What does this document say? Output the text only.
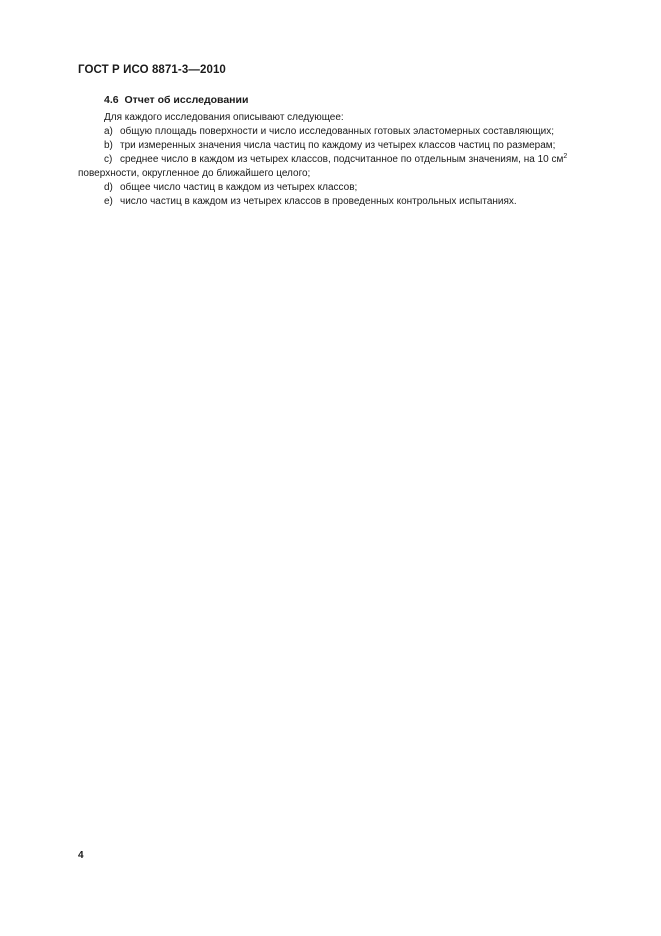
ГОСТ Р ИСО 8871-3—2010
4.6 Отчет об исследовании
Для каждого исследования описывают следующее:
a) общую площадь поверхности и число исследованных готовых эластомерных составляющих;
b) три измеренных значения числа частиц по каждому из четырех классов частиц по размерам;
c) среднее число в каждом из четырех классов, подсчитанное по отдельным значениям, на 10 $см^2$
поверхности, округленное до ближайшего целого;
d) общее число частиц в каждом из четырех классов;
e) число частиц в каждом из четырех классов в проведенных контрольных испытаниях.
4
